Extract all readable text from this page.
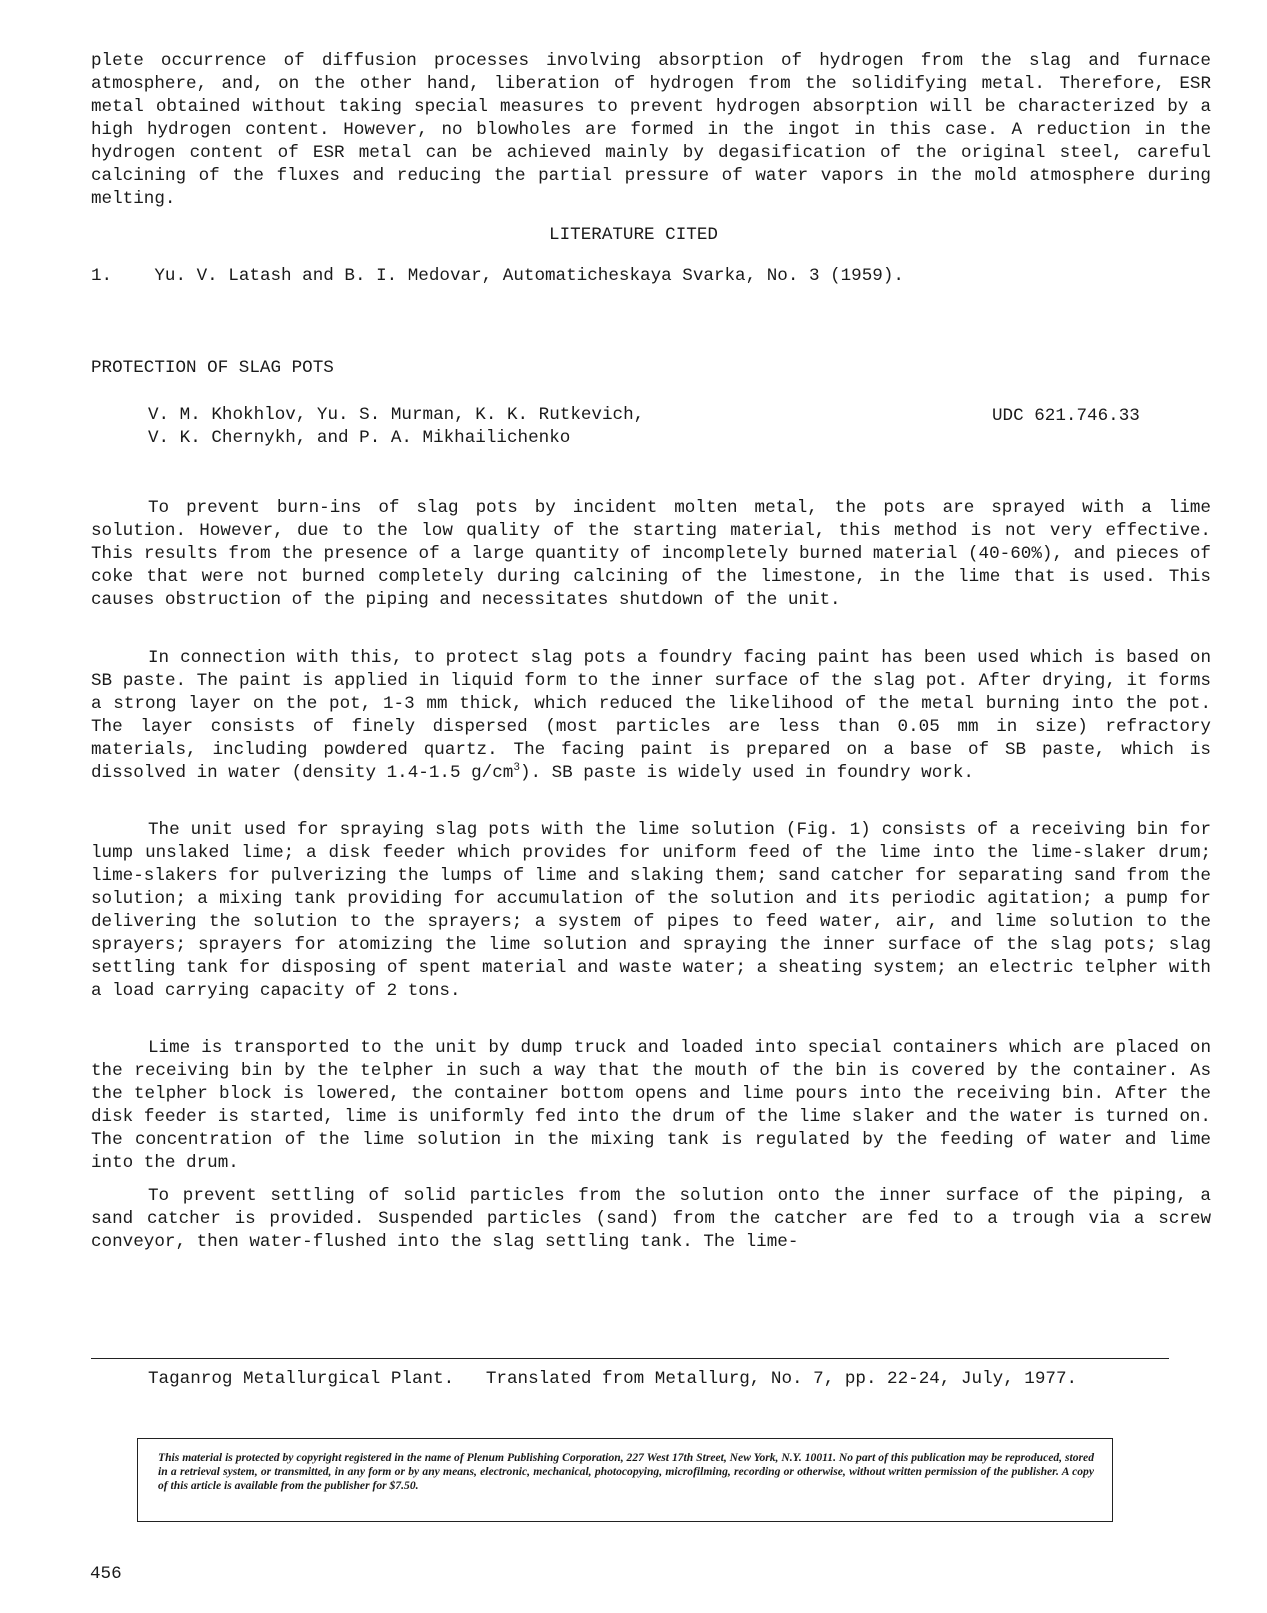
plete occurrence of diffusion processes involving absorption of hydrogen from the slag and furnace atmosphere, and, on the other hand, liberation of hydrogen from the solidifying metal. Therefore, ESR metal obtained without taking special measures to prevent hydrogen absorption will be characterized by a high hydrogen content. However, no blowholes are formed in the ingot in this case. A reduction in the hydrogen content of ESR metal can be achieved mainly by degasification of the original steel, careful calcining of the fluxes and reducing the partial pressure of water vapors in the mold atmosphere during melting.

LITERATURE CITED
1. Yu. V. Latash and B. I. Medovar, Automaticheskaya Svarka, No. 3 (1959).
PROTECTION OF SLAG POTS
V. M. Khokhlov, Yu. S. Murman, K. K. Rutkevich,
V. K. Chernykh, and P. A. Mikhailichenko
UDC 621.746.33

To prevent burn-ins of slag pots by incident molten metal, the pots are sprayed with a lime solution. However, due to the low quality of the starting material, this method is not very effective. This results from the presence of a large quantity of incompletely burned material (40-60%), and pieces of coke that were not burned completely during calcining of the limestone, in the lime that is used. This causes obstruction of the piping and necessitates shutdown of the unit.

In connection with this, to protect slag pots a foundry facing paint has been used which is based on SB paste. The paint is applied in liquid form to the inner surface of the slag pot. After drying, it forms a strong layer on the pot, 1-3 mm thick, which reduced the likelihood of the metal burning into the pot. The layer consists of finely dispersed (most particles are less than 0.05 mm in size) refractory materials, including powdered quartz. The facing paint is prepared on a base of SB paste, which is dissolved in water (density 1.4-1.5 $g/cm^3$). SB paste is widely used in foundry work.

The unit used for spraying slag pots with the lime solution (Fig. 1) consists of a receiving bin for lump unslaked lime; a disk feeder which provides for uniform feed of the lime into the lime-slaker drum; lime-slakers for pulverizing the lumps of lime and slaking them; sand catcher for separating sand from the solution; a mixing tank providing for accumulation of the solution and its periodic agitation; a pump for delivering the solution to the sprayers; a system of pipes to feed water, air, and lime solution to the sprayers; sprayers for atomizing the lime solution and spraying the inner surface of the slag pots; slag settling tank for disposing of spent material and waste water; a sheating system; an electric telpher with a load carrying capacity of 2 tons.

Lime is transported to the unit by dump truck and loaded into special containers which are placed on the receiving bin by the telpher in such a way that the mouth of the bin is covered by the container. As the telpher block is lowered, the container bottom opens and lime pours into the receiving bin. After the disk feeder is started, lime is uniformly fed into the drum of the lime slaker and the water is turned on. The concentration of the lime solution in the mixing tank is regulated by the feeding of water and lime into the drum.

To prevent settling of solid particles from the solution onto the inner surface of the piping, a sand catcher is provided. Suspended particles (sand) from the catcher are fed to a trough via a screw conveyor, then water-flushed into the slag settling tank. The lime-

Taganrog Metallurgical Plant.   Translated from Metallurg, No. 7, pp. 22-24, July, 1977.
This material is protected by copyright registered in the name of Plenum Publishing Corporation, 227 West 17th Street, New York, N.Y. 10011. No part of this publication may be reproduced, stored in a retrieval system, or transmitted, in any form or by any means, electronic, mechanical, photocopying, microfilming, recording or otherwise, without written permission of the publisher. A copy of this article is available from the publisher for $7.50.
456
